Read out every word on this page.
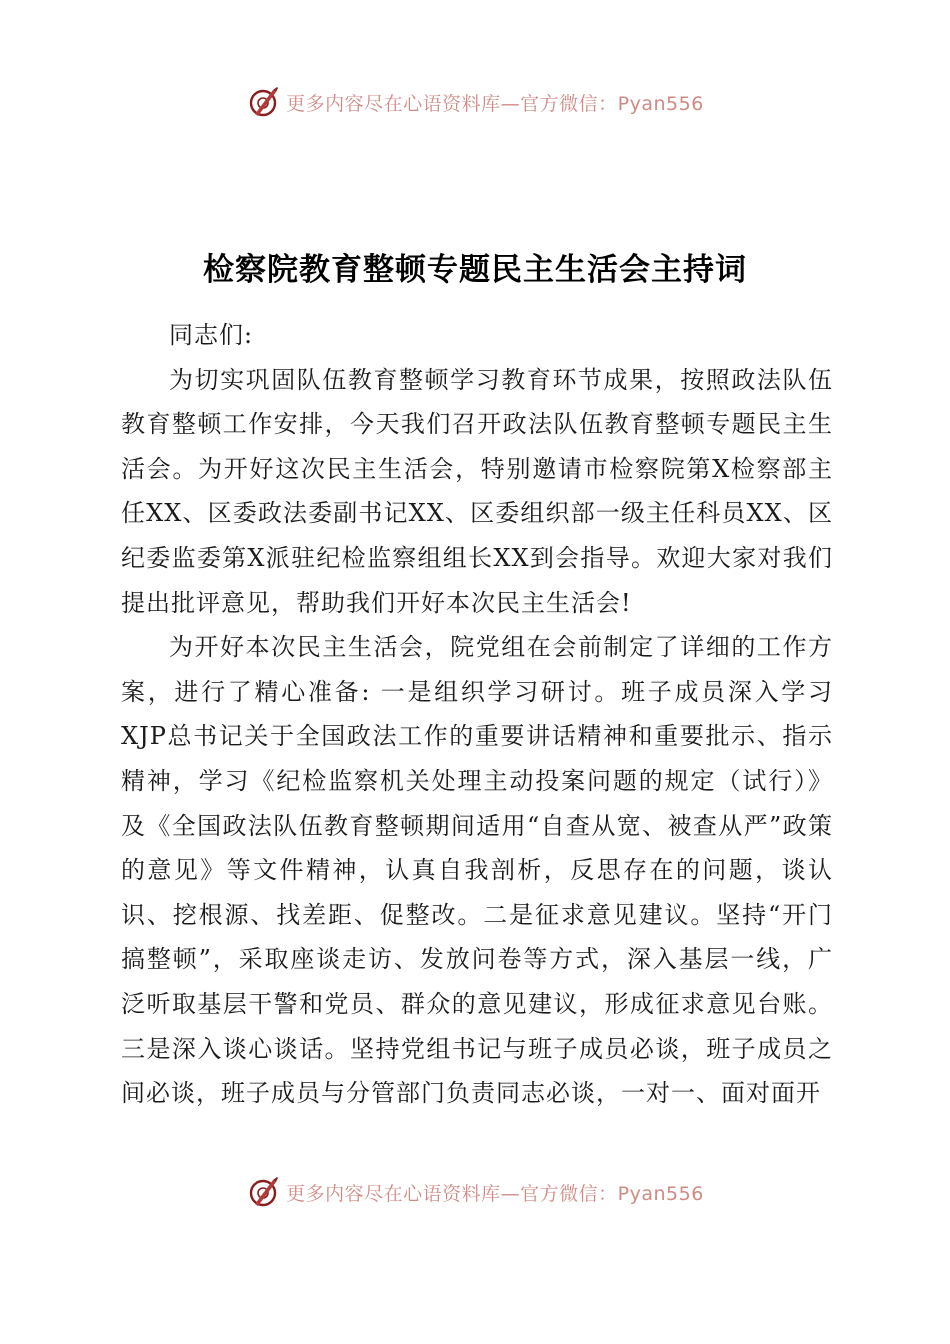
更多内容尽在心语资料库—官方微信：Pyan556
检察院教育整顿专题民主生活会主持词

同志们:

为切实巩固队伍教育整顿学习教育环节成果，按照政法队伍教育整顿工作安排，今天我们召开政法队伍教育整顿专题民主生活会。为开好这次民主生活会，特别邀请市检察院第X检察部主任XX、区委政法委副书记XX、区委组织部一级主任科员XX、区纪委监委第X派驻纪检监察组组长XX到会指导。欢迎大家对我们提出批评意见，帮助我们开好本次民主生活会!

为开好本次民主生活会，院党组在会前制定了详细的工作方案，进行了精心准备: 一是组织学习研讨。班子成员深入学习XJP总书记关于全国政法工作的重要讲话精神和重要批示、指示精神，学习《纪检监察机关处理主动投案问题的规定（试行）》及《全国政法队伍教育整顿期间适用“自查从宽、被查从严”政策的意见》等文件精神，认真自我剖析，反思存在的问题，谈认识、挖根源、找差距、促整改。二是征求意见建议。坚持“开门搞整顿”，采取座谈走访、发放问卷等方式，深入基层一线，广泛听取基层干警和党员、群众的意见建议，形成征求意见台账。三是深入谈心谈话。坚持党组书记与班子成员必谈，班子成员之间必谈，班子成员与分管部门负责同志必谈，一对一、面对面开

更多内容尽在心语资料库—官方微信：Pyan556
